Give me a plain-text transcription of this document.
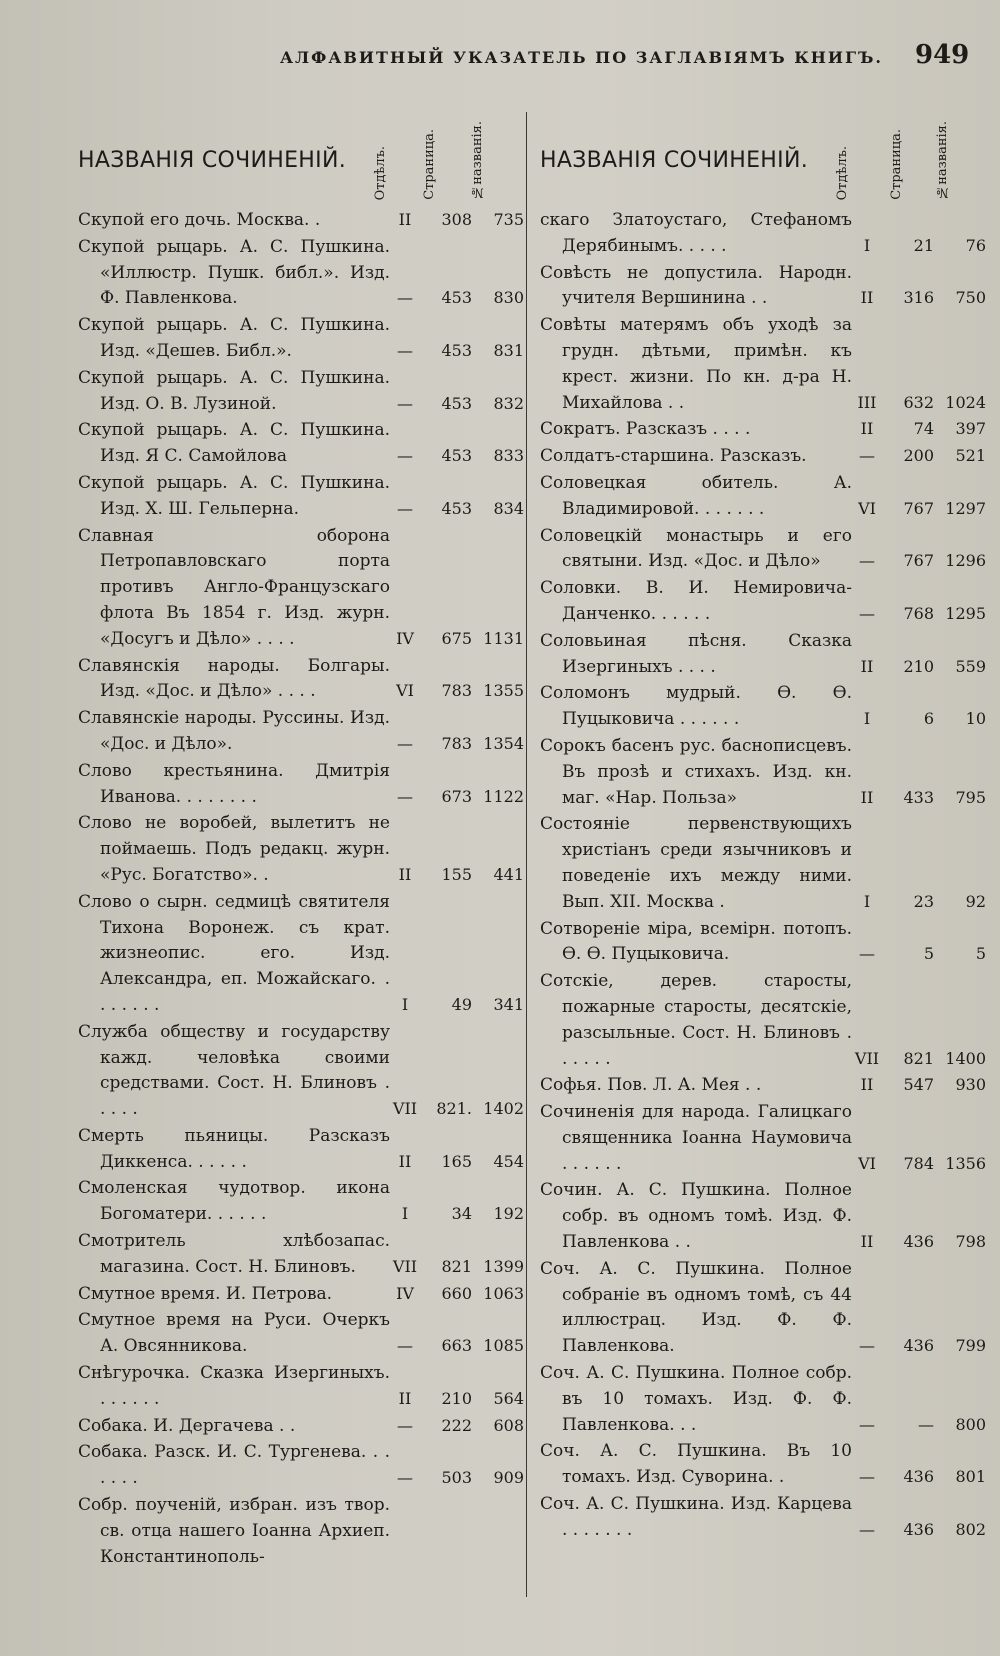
АЛФАВИТНЫЙ УКАЗАТЕЛЬ ПО ЗАГЛАВІЯМЪ КНИГЪ. 949
НАЗВАНІЯ СОЧИНЕНІЙ. Отдѣлъ.	Страница.	№названія.

Скупой его дочь. Москва. .	II	308	735

Скупой рыцарь. А. С. Пушкина. «Иллюстр. Пушк. библ.». Изд. Ф. Павленкова.	—	453	830

Скупой рыцарь. А. С. Пушкина. Изд. «Дешев. Библ.».	—	453	831

Скупой рыцарь. А. С. Пушкина. Изд. О. В. Лузиной.	—	453	832

Скупой рыцарь. А. С. Пушкина. Изд. Я С. Самойлова	—	453	833

Скупой рыцарь. А. С. Пушкина. Изд. Х. Ш. Гельперна.	—	453	834

Славная оборона Петропавловскаго порта противъ Англо-Французскаго флота Въ 1854 г. Изд. журн. «Досугъ и Дѣло» . . . .	IV	675 1131

Славянскія народы. Болгары. Изд. «Дос. и Дѣло» . . . .	VI	783 1355

Славянскіе народы. Руссины. Изд. «Дос. и Дѣло».	—	783 1354

Слово крестьянина. Дмитрія Иванова. . . . . . . .	—	673 1122

Слово не воробей, вылетитъ не поймаешь. Подъ редакц. журн. «Рус. Богатство». .	II	155	441

Слово о сырн. седмицѣ святителя Тихона Воронеж. съ крат. жизнеопис. его. Изд. Александра, еп. Можайскаго. . . . . . . .	I	49	341

Служба обществу и государству кажд. человѣка своими средствами. Сост. Н. Блиновъ . . . . .	VII	821. 1402

Смерть пьяницы. Разсказъ Диккенса. . . . . .	II	165	454

Смоленская чудотвор. икона Богоматери. . . . . .	I	34	192

Смотритель хлѣбозапас. магазина. Сост. Н. Блиновъ.	VII	821 1399

Смутное время. И. Петрова.	IV	660 1063

Смутное время на Руси. Очеркъ А. Овсянникова.	—	663 1085

Снѣгурочка. Сказка Изергиныхъ. . . . . . .	II	210	564

Собака. И. Дергачева . .	—	222	608

Собака. Разск. И. С. Тургенева. . . . . . .	—	503	909

Собр. поученій, избран. изъ твор. св. отца нашего Іоанна Архиеп. Константинополь-

НАЗВАНІЯ СОЧИНЕНІЙ. Отдѣлъ.	Страница. №названія.

скаго Златоустаго, Стефаномъ Дерябинымъ. . . . .	I	21	76

Совѣсть не допустила. Народн. учителя Вершинина . .	II	316	750

Совѣты матерямъ объ уходѣ за грудн. дѣтьми, примѣн. къ крест. жизни. По кн. д-ра Н. Михайлова . .	III	632 1024

Сократъ. Разсказъ . . . .	II	74	397

Солдатъ-старшина. Разсказъ.	—	200	521

Соловецкая обитель. А. Владимировой. . . . . . .	VI	767 1297

Соловецкій монастырь и его святыни. Изд. «Дос. и Дѣло»	—	767 1296

Соловки. В. И. Немировича-Данченко. . . . . .	—	768 1295

Соловьиная пѣсня. Сказка Изергиныхъ . . . .	II	210	559

Соломонъ мудрый. Ѳ. Ѳ. Пуцыковича . . . . . .	I	6	10

Сорокъ басенъ рус. баснописцевъ. Въ прозѣ и стихахъ. Изд. кн. маг. «Нар. Польза»	II	433	795

Состояніе первенствующихъ христіанъ среди язычниковъ и поведеніе ихъ между ними. Вып. XII. Москва .	I	23	92

Сотвореніе міра, всемірн. потопъ. Ѳ. Ѳ. Пуцыковича.	—	5	5

Сотскіе, дерев. старосты, пожарные старосты, десятскіе, разсыльные. Сост. Н. Блиновъ . . . . . .	VII	821 1400

Софья. Пов. Л. А. Мея . .	II	547	930

Сочиненія для народа. Галицкаго священника Іоанна Наумовича . . . . . .	VI	784 1356

Сочин. А. С. Пушкина. Полное собр. въ одномъ томѣ. Изд. Ф. Павленкова . .	II	436	798

Соч. А. С. Пушкина. Полное собраніе въ одномъ томѣ, съ 44 иллюстрац. Изд. Ф. Ф. Павленкова.	—	436	799

Соч. А. С. Пушкина. Полное собр. въ 10 томахъ. Изд. Ф. Ф. Павленкова. . .	—	—	800

Соч. А. С. Пушкина. Въ 10 томахъ. Изд. Суворина. .	—	436	801

Соч. А. С. Пушкина. Изд. Карцева . . . . . . .	—	436	802
